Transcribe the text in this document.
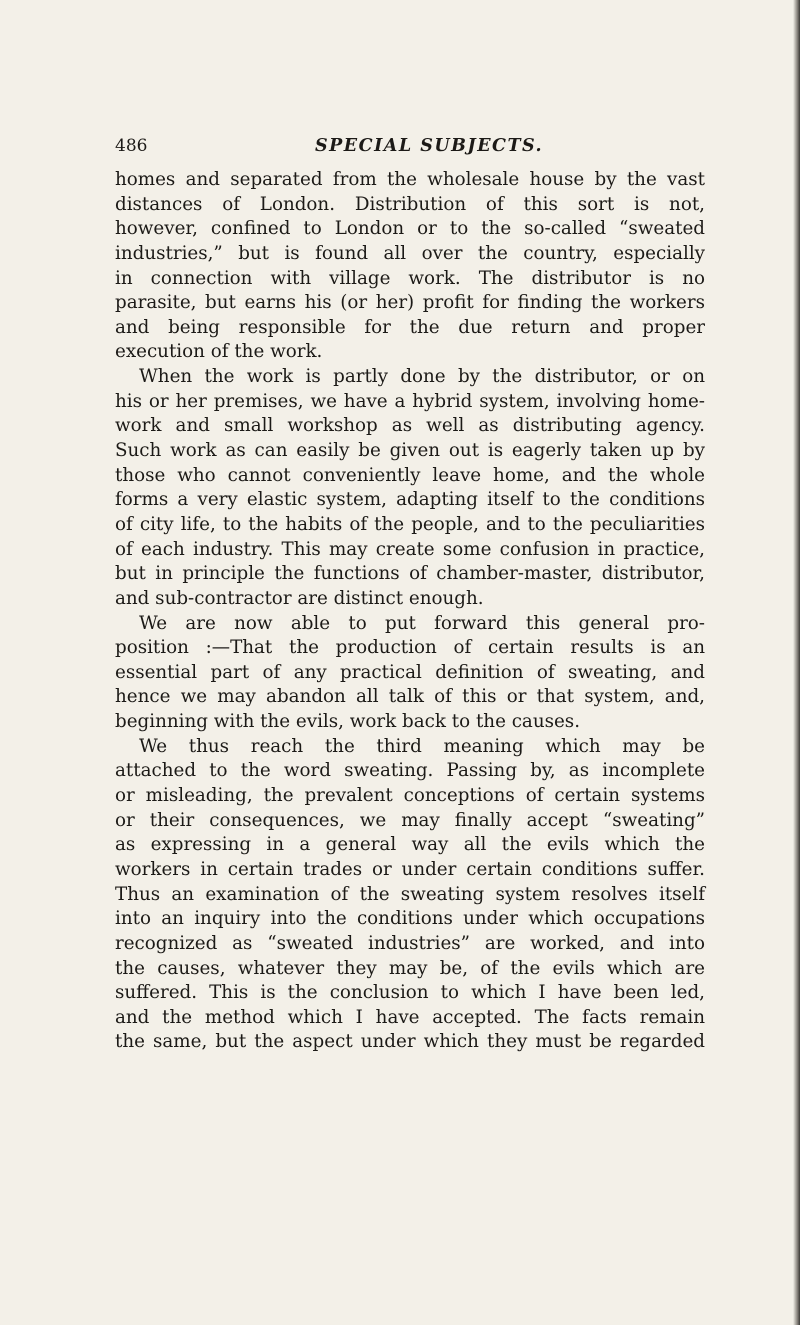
486	SPECIAL SUBJECTS.
homes and separated from the wholesale house by the vast
distances of London. Distribution of this sort is not,
however, confined to London or to the so-called “sweated
industries,” but is found all over the country, especially
in connection with village work. The distributor is no
parasite, but earns his (or her) profit for finding the workers
and being responsible for the due return and proper
execution of the work.
When the work is partly done by the distributor, or on
his or her premises, we have a hybrid system, involving home-
work and small workshop as well as distributing agency.
Such work as can easily be given out is eagerly taken up by
those who cannot conveniently leave home, and the whole
forms a very elastic system, adapting itself to the conditions
of city life, to the habits of the people, and to the peculiarities
of each industry. This may create some confusion in practice,
but in principle the functions of chamber-master, distributor,
and sub-contractor are distinct enough.
We are now able to put forward this general pro-
position :—That the production of certain results is an
essential part of any practical definition of sweating, and
hence we may abandon all talk of this or that system, and,
beginning with the evils, work back to the causes.
We thus reach the third meaning which may be
attached to the word sweating. Passing by, as incomplete
or misleading, the prevalent conceptions of certain systems
or their consequences, we may finally accept “sweating”
as expressing in a general way all the evils which the
workers in certain trades or under certain conditions suffer.
Thus an examination of the sweating system resolves itself
into an inquiry into the conditions under which occupations
recognized as “sweated industries” are worked, and into
the causes, whatever they may be, of the evils which are
suffered. This is the conclusion to which I have been led,
and the method which I have accepted. The facts remain
the same, but the aspect under which they must be regarded
